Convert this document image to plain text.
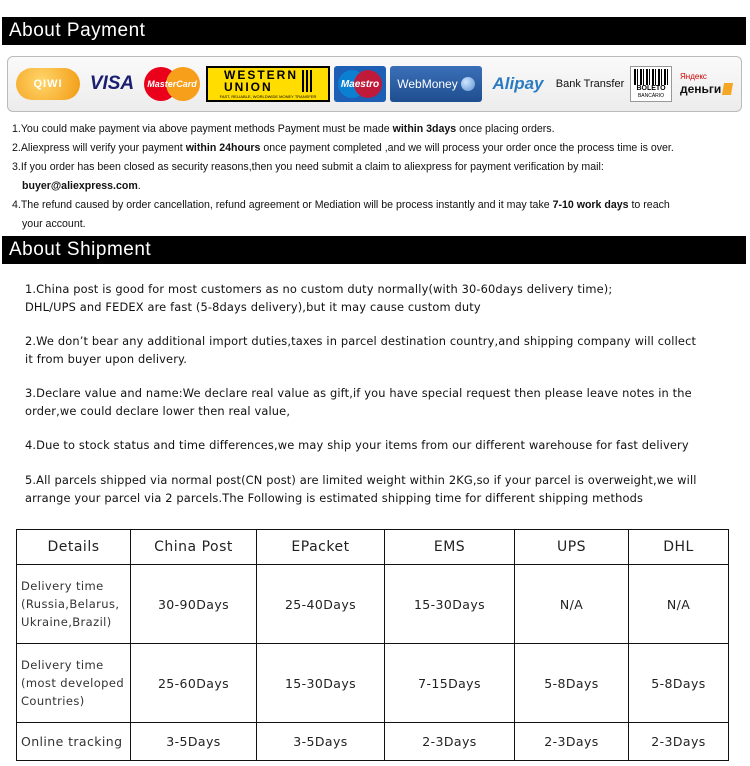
About Payment
QIWI VISA MasterCard
WESTERN
UNION
FAST, RELIABLE, WORLDWIDE MONEY TRANSFER
Maestro WebMoney Alipay Bank Transfer BOLETO
BANCÁRIO
Яндекс
деньги
1.You could make payment via above payment methods Payment must be made within 3days once placing orders.
2.Aliexpress will verify your payment within 24hours once payment completed ,and we will process your order once the process time is over.
3.If you order has been closed as security reasons,then you need submit a claim to aliexpress for payment verification by mail:
buyer@aliexpress.com.
4.The refund caused by order cancellation, refund agreement or Mediation will be process instantly and it may take 7-10 work days to reach
your account.
About Shipment
1.China post is good for most customers as no custom duty normally(with 30-60days delivery time);
DHL/UPS and FEDEX are fast (5-8days delivery),but it may cause custom duty
2.We don’t bear any additional import duties,taxes in parcel destination country,and shipping company will collect
it from buyer upon delivery.
3.Declare value and name:We declare real value as gift,if you have special request then please leave notes in the
order,we could declare lower then real value,
4.Due to stock status and time differences,we may ship your items from our different warehouse for fast delivery
5.All parcels shipped via normal post(CN post) are limited weight within 2KG,so if your parcel is overweight,we will
arrange your parcel via 2 parcels.The Following is estimated shipping time for different shipping methods
Details	China Post	EPacket	EMS	UPS	DHL

Delivery time
(Russia,Belarus,
Ukraine,Brazil)	30-90Days	25-40Days	15-30Days	N/A	N/A

Delivery time
(most developed
Countries)	25-60Days	15-30Days	7-15Days	5-8Days	5-8Days

Online tracking	3-5Days	3-5Days	2-3Days	2-3Days	2-3Days
